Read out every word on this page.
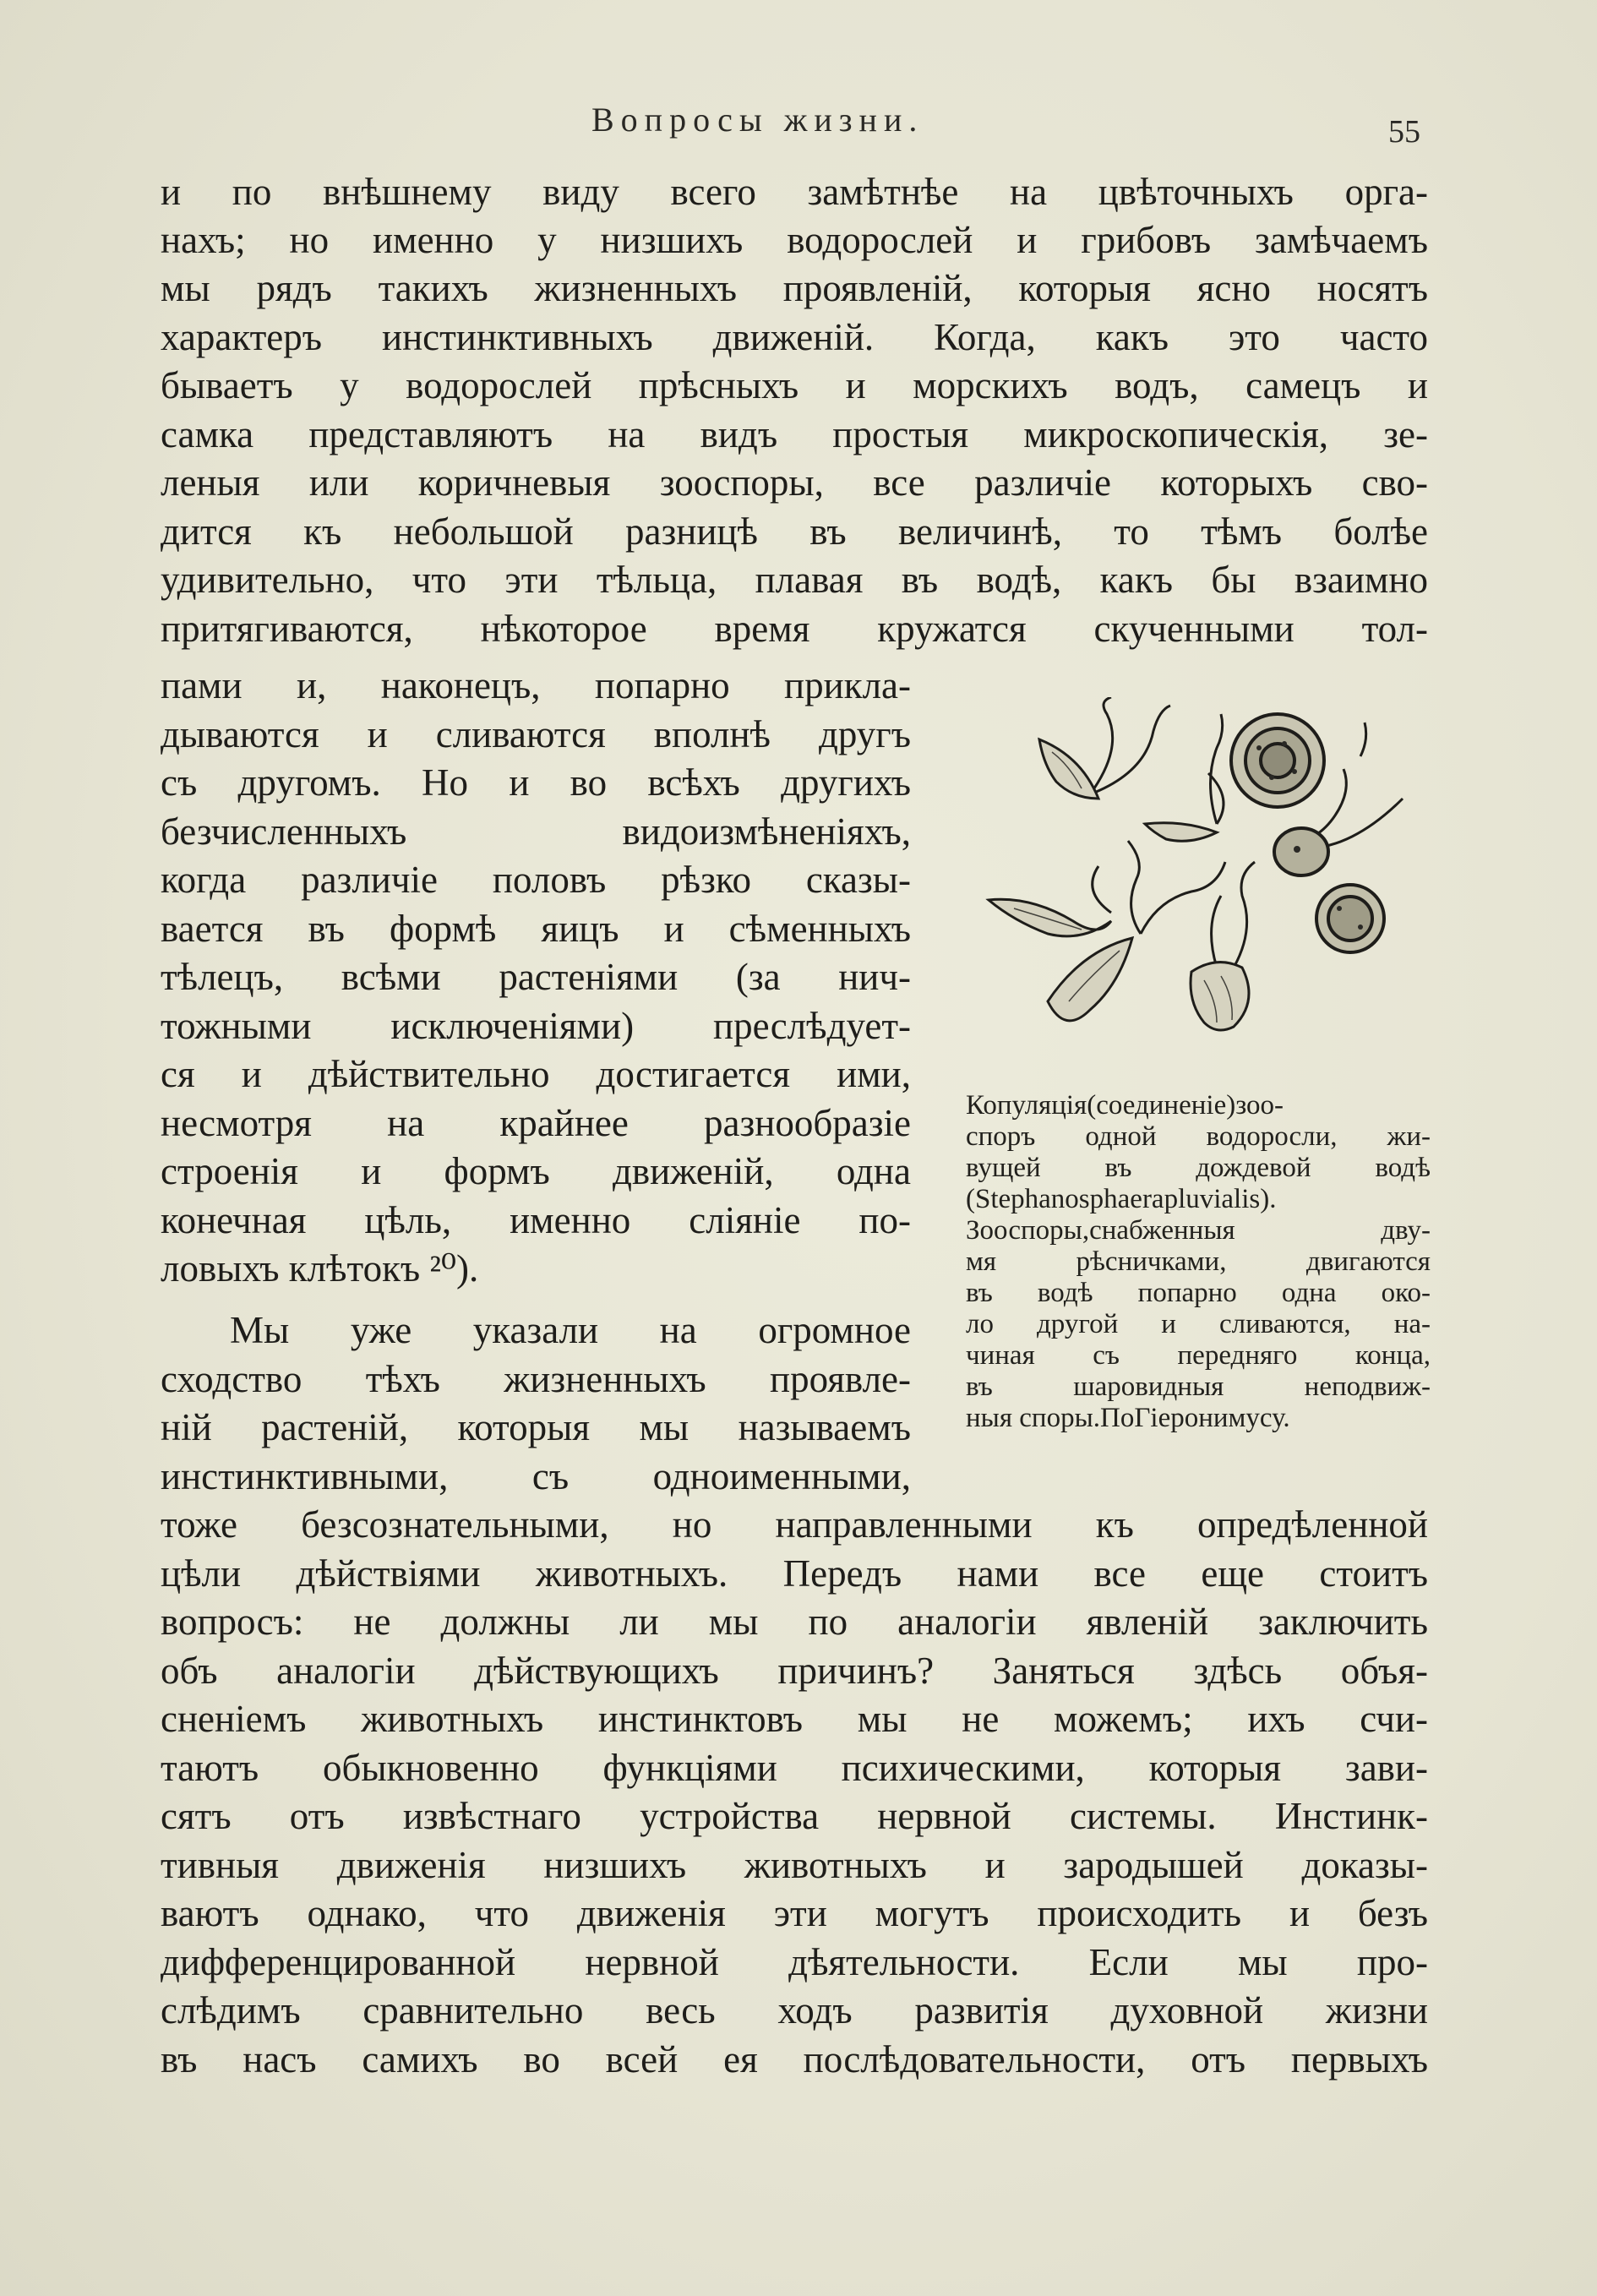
Вопросы жизни.	55
и по внѣшнему виду всего замѣтнѣе на цвѣточныхъ орга-
нахъ; но именно у низшихъ водорослей и грибовъ замѣчаемъ
мы рядъ такихъ жизненныхъ проявленій, которыя ясно носятъ
характеръ инстинктивныхъ движеній. Когда, какъ это часто
бываетъ у водорослей прѣсныхъ и морскихъ водъ, самецъ и
самка представляютъ на видъ простыя микроскопическія, зе-
леныя или коричневыя зооспоры, все различіе которыхъ сво-
дится къ небольшой разницѣ въ величинѣ, то тѣмъ болѣе
удивительно, что эти тѣльца, плавая въ водѣ, какъ бы взаимно
притягиваются, нѣкоторое время кружатся скученными тол-
пами и, наконецъ, попарно прикла-
дываются и сливаются вполнѣ другъ
съ другомъ. Но и во всѣхъ другихъ
безчисленныхъ видоизмѣненіяхъ,
когда различіе половъ рѣзко сказы-
вается въ формѣ яицъ и сѣменныхъ
тѣлецъ, всѣми растеніями (за нич-
тожными исключеніями) преслѣдует-
ся и дѣйствительно достигается ими,
несмотря на крайнее разнообразіе
строенія и формъ движеній, одна
конечная цѣль, именно сліяніе по-
ловыхъ клѣтокъ ²⁰).
Мы уже указали на огромное
сходство тѣхъ жизненныхъ проявле-
ній растеній, которыя мы называемъ
инстинктивными, съ одноименными,
тоже безсознательными, но направленными къ опредѣленной
цѣли дѣйствіями животныхъ. Передъ нами все еще стоитъ
вопросъ: не должны ли мы по аналогіи явленій заключить
объ аналогіи дѣйствующихъ причинъ? Заняться здѣсь объя-
сненіемъ животныхъ инстинктовъ мы не можемъ; ихъ счи-
таютъ обыкновенно функціями психическими, которыя зави-
сятъ отъ извѣстнаго устройства нервной системы. Инстинк-
тивныя движенія низшихъ животныхъ и зародышей доказы-
ваютъ однако, что движенія эти могутъ происходить и безъ
дифференцированной нервной дѣятельности. Если мы про-
слѣдимъ сравнительно весь ходъ развитія духовной жизни
въ насъ самихъ во всей ея послѣдовательности, отъ первыхъ
Копуляція(соединеніе)зоо-
споръ одной водоросли, жи-
вущей въ дождевой водѣ
(Stephanosphaerapluvialis).
Зооспоры,снабженныя дву-
мя рѣсничками, двигаются
въ водѣ попарно одна око-
ло другой и сливаются, на-
чиная съ передняго конца,
въ шаровидныя неподвиж-
ныя споры.ПоГіеронимусу.
